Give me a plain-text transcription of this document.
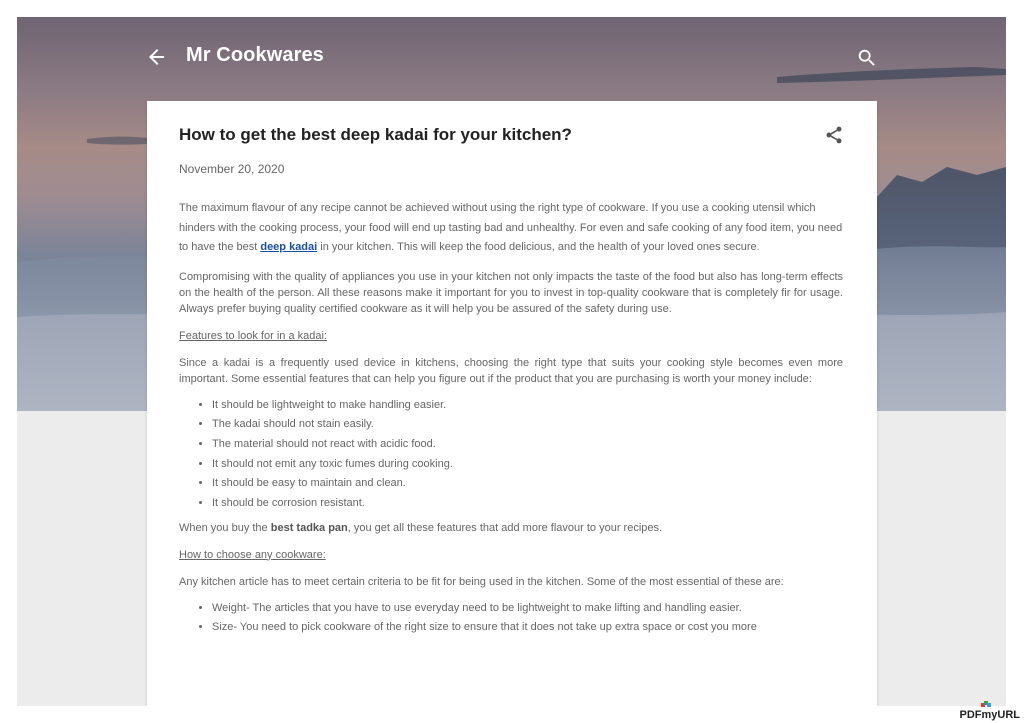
Mr Cookwares
How to get the best deep kadai for your kitchen?
November 20, 2020

The maximum flavour of any recipe cannot be achieved without using the right type of cookware. If you use a cooking utensil which hinders with the cooking process, your food will end up tasting bad and unhealthy. For even and safe cooking of any food item, you need to have the best deep kadai in your kitchen. This will keep the food delicious, and the health of your loved ones secure.

Compromising with the quality of appliances you use in your kitchen not only impacts the taste of the food but also has long-term effects on the health of the person. All these reasons make it important for you to invest in top-quality cookware that is completely fir for usage. Always prefer buying quality certified cookware as it will help you be assured of the safety during use.

Features to look for in a kadai:

Since a kadai is a frequently used device in kitchens, choosing the right type that suits your cooking style becomes even more important. Some essential features that can help you figure out if the product that you are purchasing is worth your money include:

• It should be lightweight to make handling easier.
• The kadai should not stain easily.
• The material should not react with acidic food.
• It should not emit any toxic fumes during cooking.
• It should be easy to maintain and clean.
• It should be corrosion resistant.

When you buy the best tadka pan, you get all these features that add more flavour to your recipes.

How to choose any cookware:

Any kitchen article has to meet certain criteria to be fit for being used in the kitchen. Some of the most essential of these are:

• Weight- The articles that you have to use everyday need to be lightweight to make lifting and handling easier.
• Size- You need to pick cookware of the right size to ensure that it does not take up extra space or cost you more
PDFmyURL
